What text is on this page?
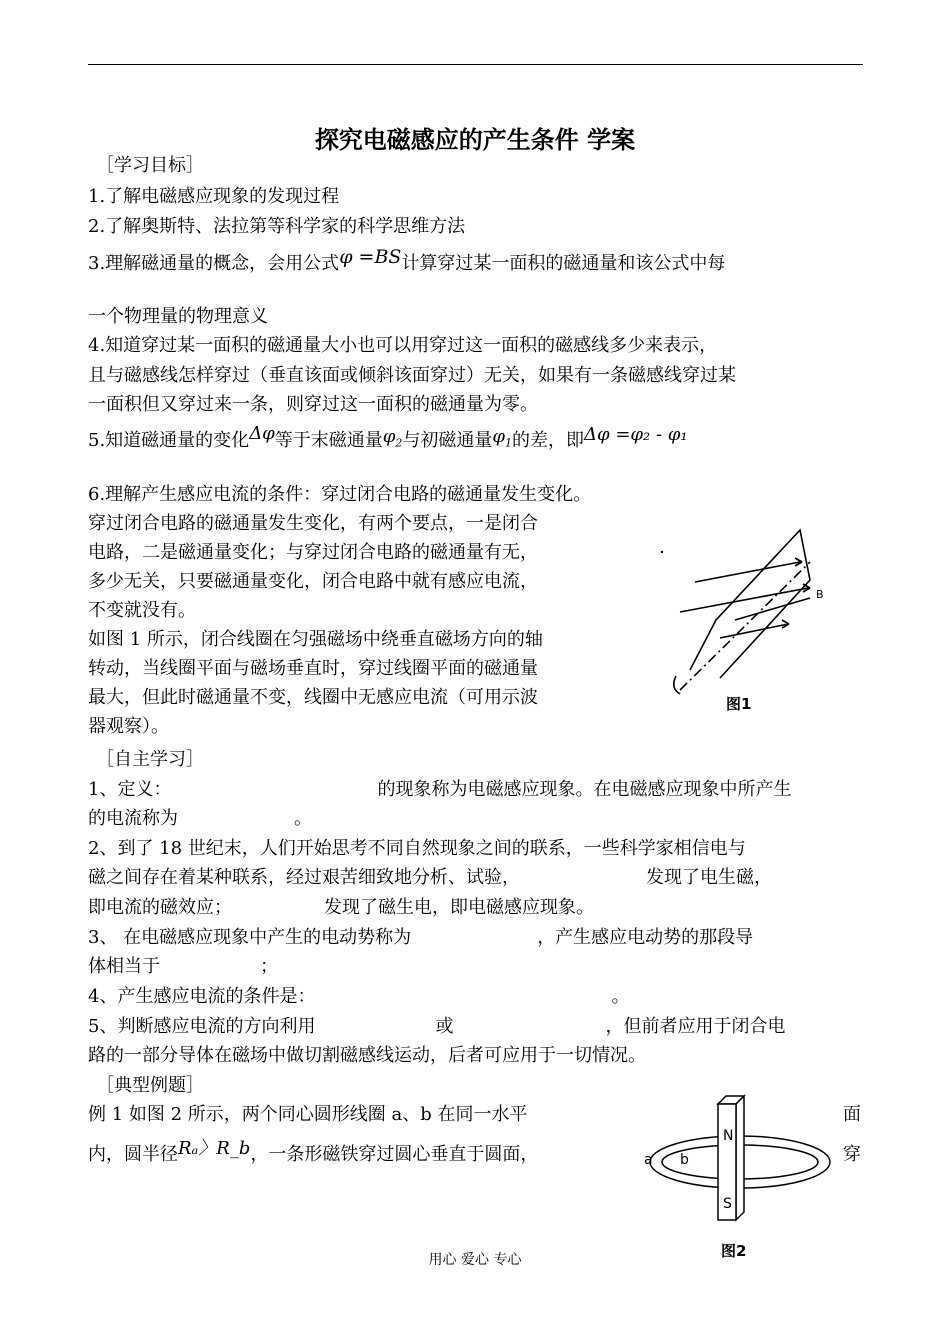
探究电磁感应的产生条件 学案
［学习目标］
1.了解电磁感应现象的发现过程
2.了解奥斯特、法拉第等科学家的科学思维方法
3.理解磁通量的概念，会用公式φ =BS计算穿过某一面积的磁通量和该公式中每
一个物理量的物理意义
4.知道穿过某一面积的磁通量大小也可以用穿过这一面积的磁感线多少来表示，
且与磁感线怎样穿过（垂直该面或倾斜该面穿过）无关，如果有一条磁感线穿过某
一面积但又穿过来一条，则穿过这一面积的磁通量为零。
5.知道磁通量的变化Δφ等于末磁通量$\varphi_2$与初磁通量$\varphi_1$的差，即Δφ =φ₂ - φ₁
6.理解产生感应电流的条件：穿过闭合电路的磁通量发生变化。
穿过闭合电路的磁通量发生变化，有两个要点，一是闭合
电路，二是磁通量变化；与穿过闭合电路的磁通量有无，
多少无关，只要磁通量变化，闭合电路中就有感应电流，
不变就没有。
如图 1 所示，闭合线圈在匀强磁场中绕垂直磁场方向的轴
转动，当线圈平面与磁场垂直时，穿过线圈平面的磁通量
最大，但此时磁通量不变，线圈中无感应电流（可用示波
器观察）。
B
图1
［自主学习］
1、定义：	的现象称为电磁感应现象。在电磁感应现象中所产生
的电流称为	。
2、到了 18 世纪末，人们开始思考不同自然现象之间的联系，一些科学家相信电与
磁之间存在着某种联系，经过艰苦细致地分析、试验，	发现了电生磁，
即电流的磁效应；	发现了磁生电，即电磁感应现象。
3、 在电磁感应现象中产生的电动势称为	，产生感应电动势的那段导
体相当于	；
4、产生感应电流的条件是：	。
5、判断感应电流的方向利用	或	，但前者应用于闭合电
路的一部分导体在磁场中做切割磁感线运动，后者可应用于一切情况。
［典型例题］
例 1 如图 2 所示，两个同心圆形线圈 a、b 在同一水平	面
内，圆半径Rₐ〉R_b，一条形磁铁穿过圆心垂直于圆面，	穿
N
S
a b
图2
用心 爱心 专心
